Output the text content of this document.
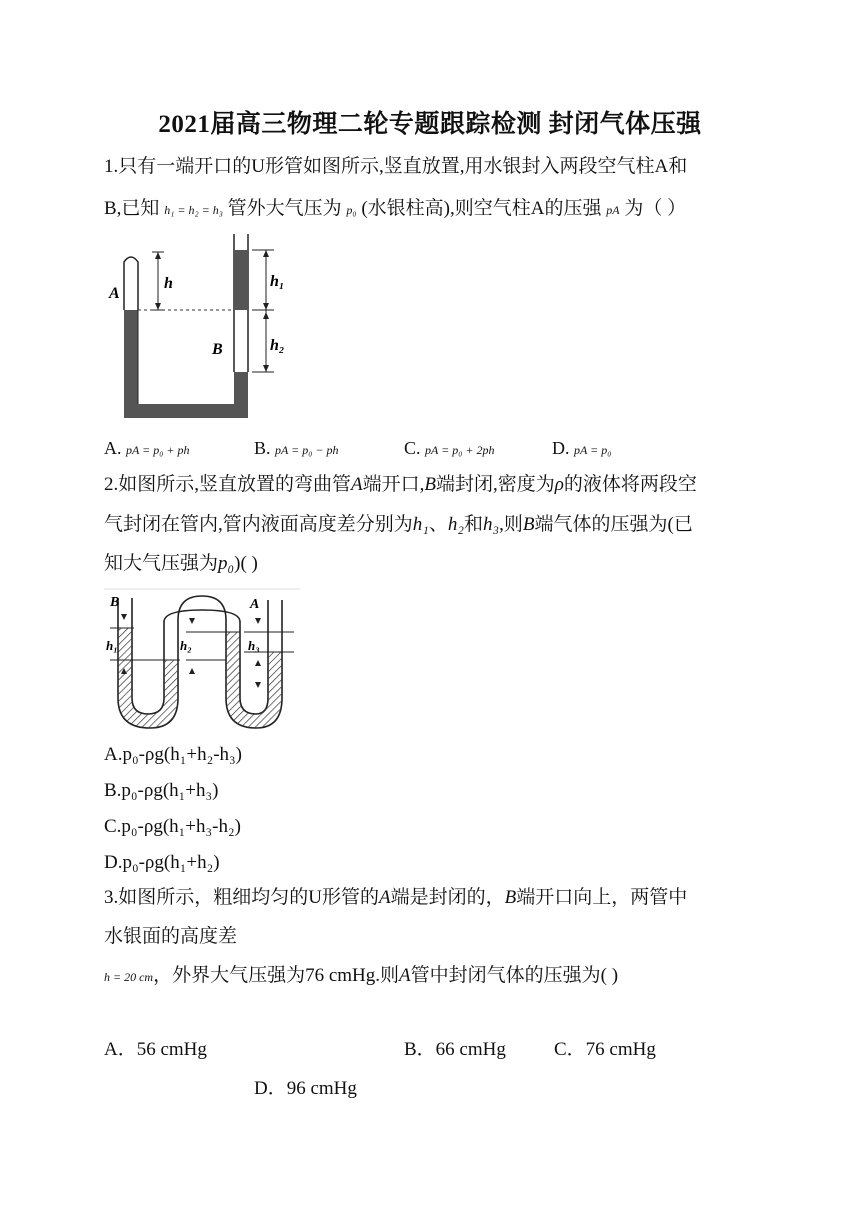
2021届高三物理二轮专题跟踪检测 封闭气体压强
1.只有一端开口的U形管如图所示,竖直放置,用水银封入两段空气柱A和
B,已知 h₁ = h₂ = h₃ 管外大气压为 p₀ (水银柱高),则空气柱A的压强 pA 为（ ）
A
h
B
h₁
h₂
A. pA = p₀ + ph	B. pA = p₀ − ph	C. pA = p₀ + 2ph	D. pA = p₀
2.如图所示,竖直放置的弯曲管A端开口,B端封闭,密度为ρ的液体将两段空
气封闭在管内,管内液面高度差分别为h₁、h₂和h₃,则B端气体的压强为(已
知大气压强为p₀)( )
B	A
h₁	h₂	h₃
A.p₀-ρg(h₁+h₂-h₃)
B.p₀-ρg(h₁+h₃)
C.p₀-ρg(h₁+h₃-h₂)
D.p₀-ρg(h₁+h₂)
3.如图所示，粗细均匀的U形管的A端是封闭的，B端开口向上，两管中
水银面的高度差
h = 20 cm，外界大气压强为76 cmHg.则A管中封闭气体的压强为( )
A．56 cmHg	B．66 cmHg	C．76 cmHg
D．96 cmHg
